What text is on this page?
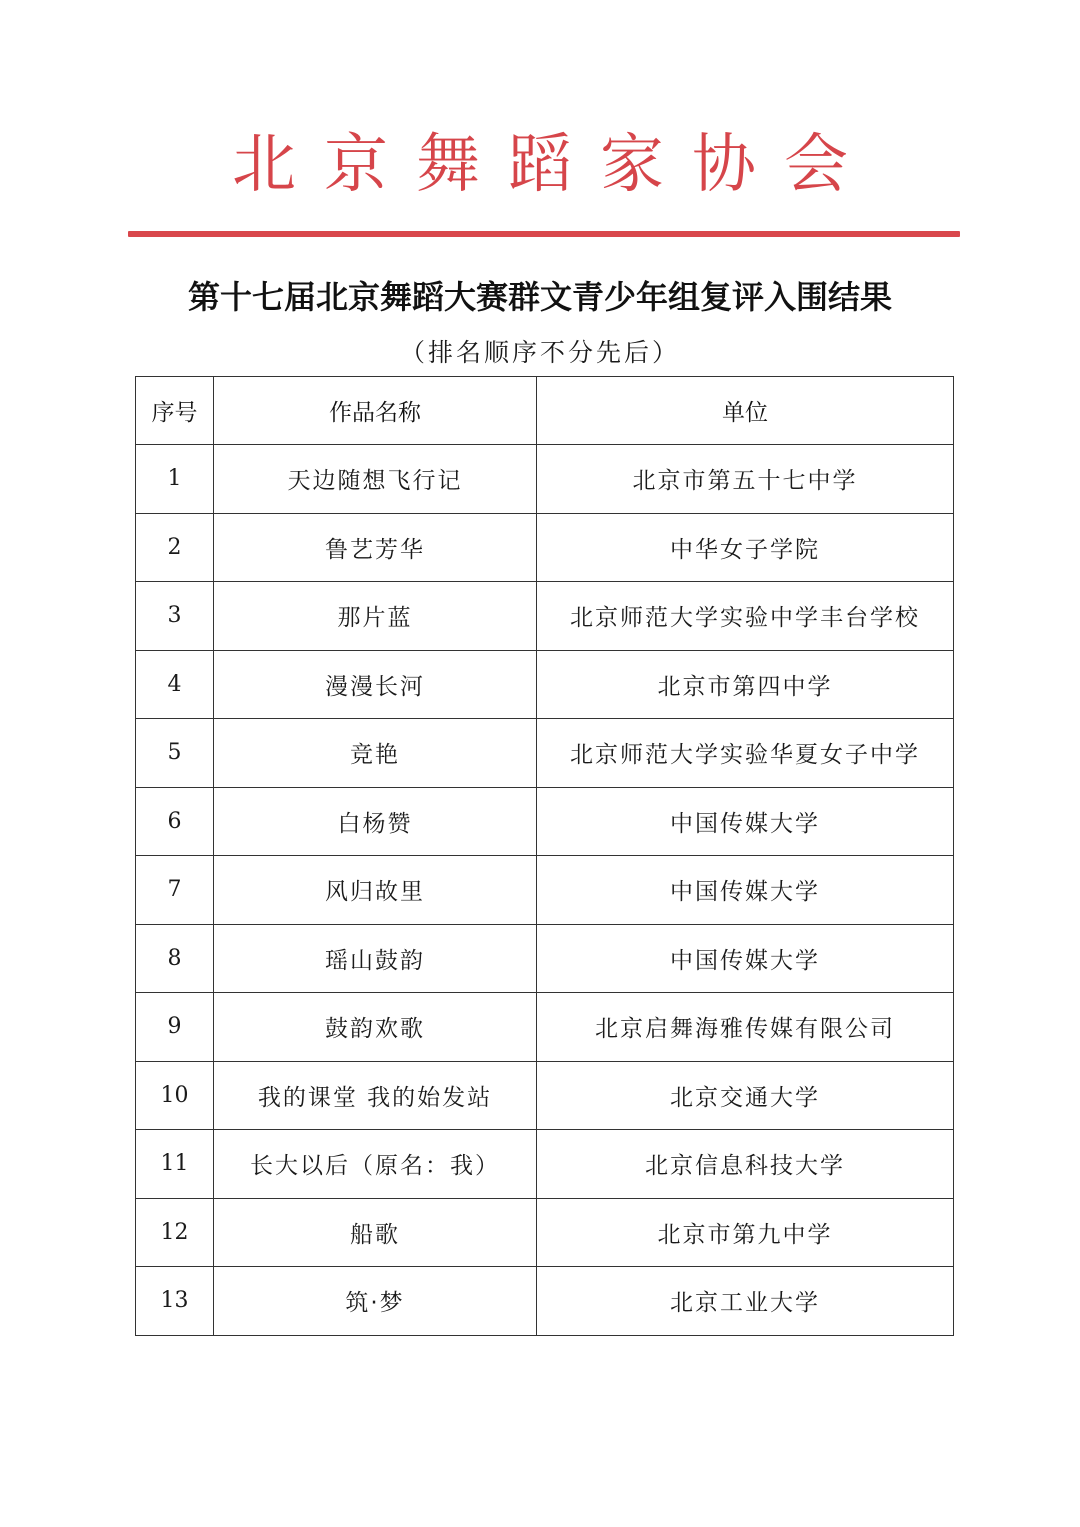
北京舞蹈家协会
第十七届北京舞蹈大赛群文青少年组复评入围结果
（排名顺序不分先后）
序号	作品名称	单位
1	天边随想飞行记	北京市第五十七中学
2	鲁艺芳华	中华女子学院
3	那片蓝	北京师范大学实验中学丰台学校
4	漫漫长河	北京市第四中学
5	竞艳	北京师范大学实验华夏女子中学
6	白杨赞	中国传媒大学
7	风归故里	中国传媒大学
8	瑶山鼓韵	中国传媒大学
9	鼓韵欢歌	北京启舞海雅传媒有限公司
10	我的课堂 我的始发站	北京交通大学
11	长大以后（原名：我）	北京信息科技大学
12	船歌	北京市第九中学
13	筑·梦	北京工业大学
